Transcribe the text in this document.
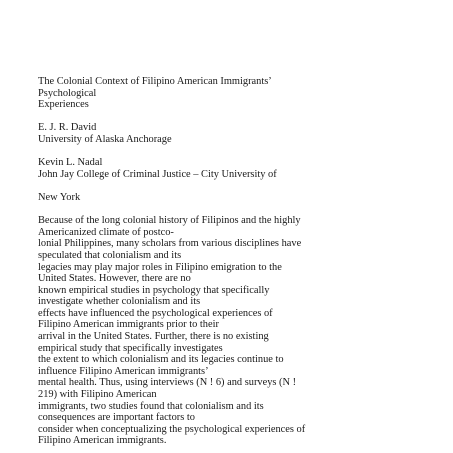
The Colonial Context of Filipino American Immigrants’
Psychological
Experiences
E. J. R. David
University of Alaska Anchorage
Kevin L. Nadal
John Jay College of Criminal Justice – City University of
New York
Because of the long colonial history of Filipinos and the highly
Americanized climate of postco-
lonial Philippines, many scholars from various disciplines have
speculated that colonialism and its
legacies may play major roles in Filipino emigration to the
United States. However, there are no
known empirical studies in psychology that specifically
investigate whether colonialism and its
effects have influenced the psychological experiences of
Filipino American immigrants prior to their
arrival in the United States. Further, there is no existing
empirical study that specifically investigates
the extent to which colonialism and its legacies continue to
influence Filipino American immigrants’
mental health. Thus, using interviews (N ! 6) and surveys (N !
219) with Filipino American
immigrants, two studies found that colonialism and its
consequences are important factors to
consider when conceptualizing the psychological experiences of
Filipino American immigrants.
